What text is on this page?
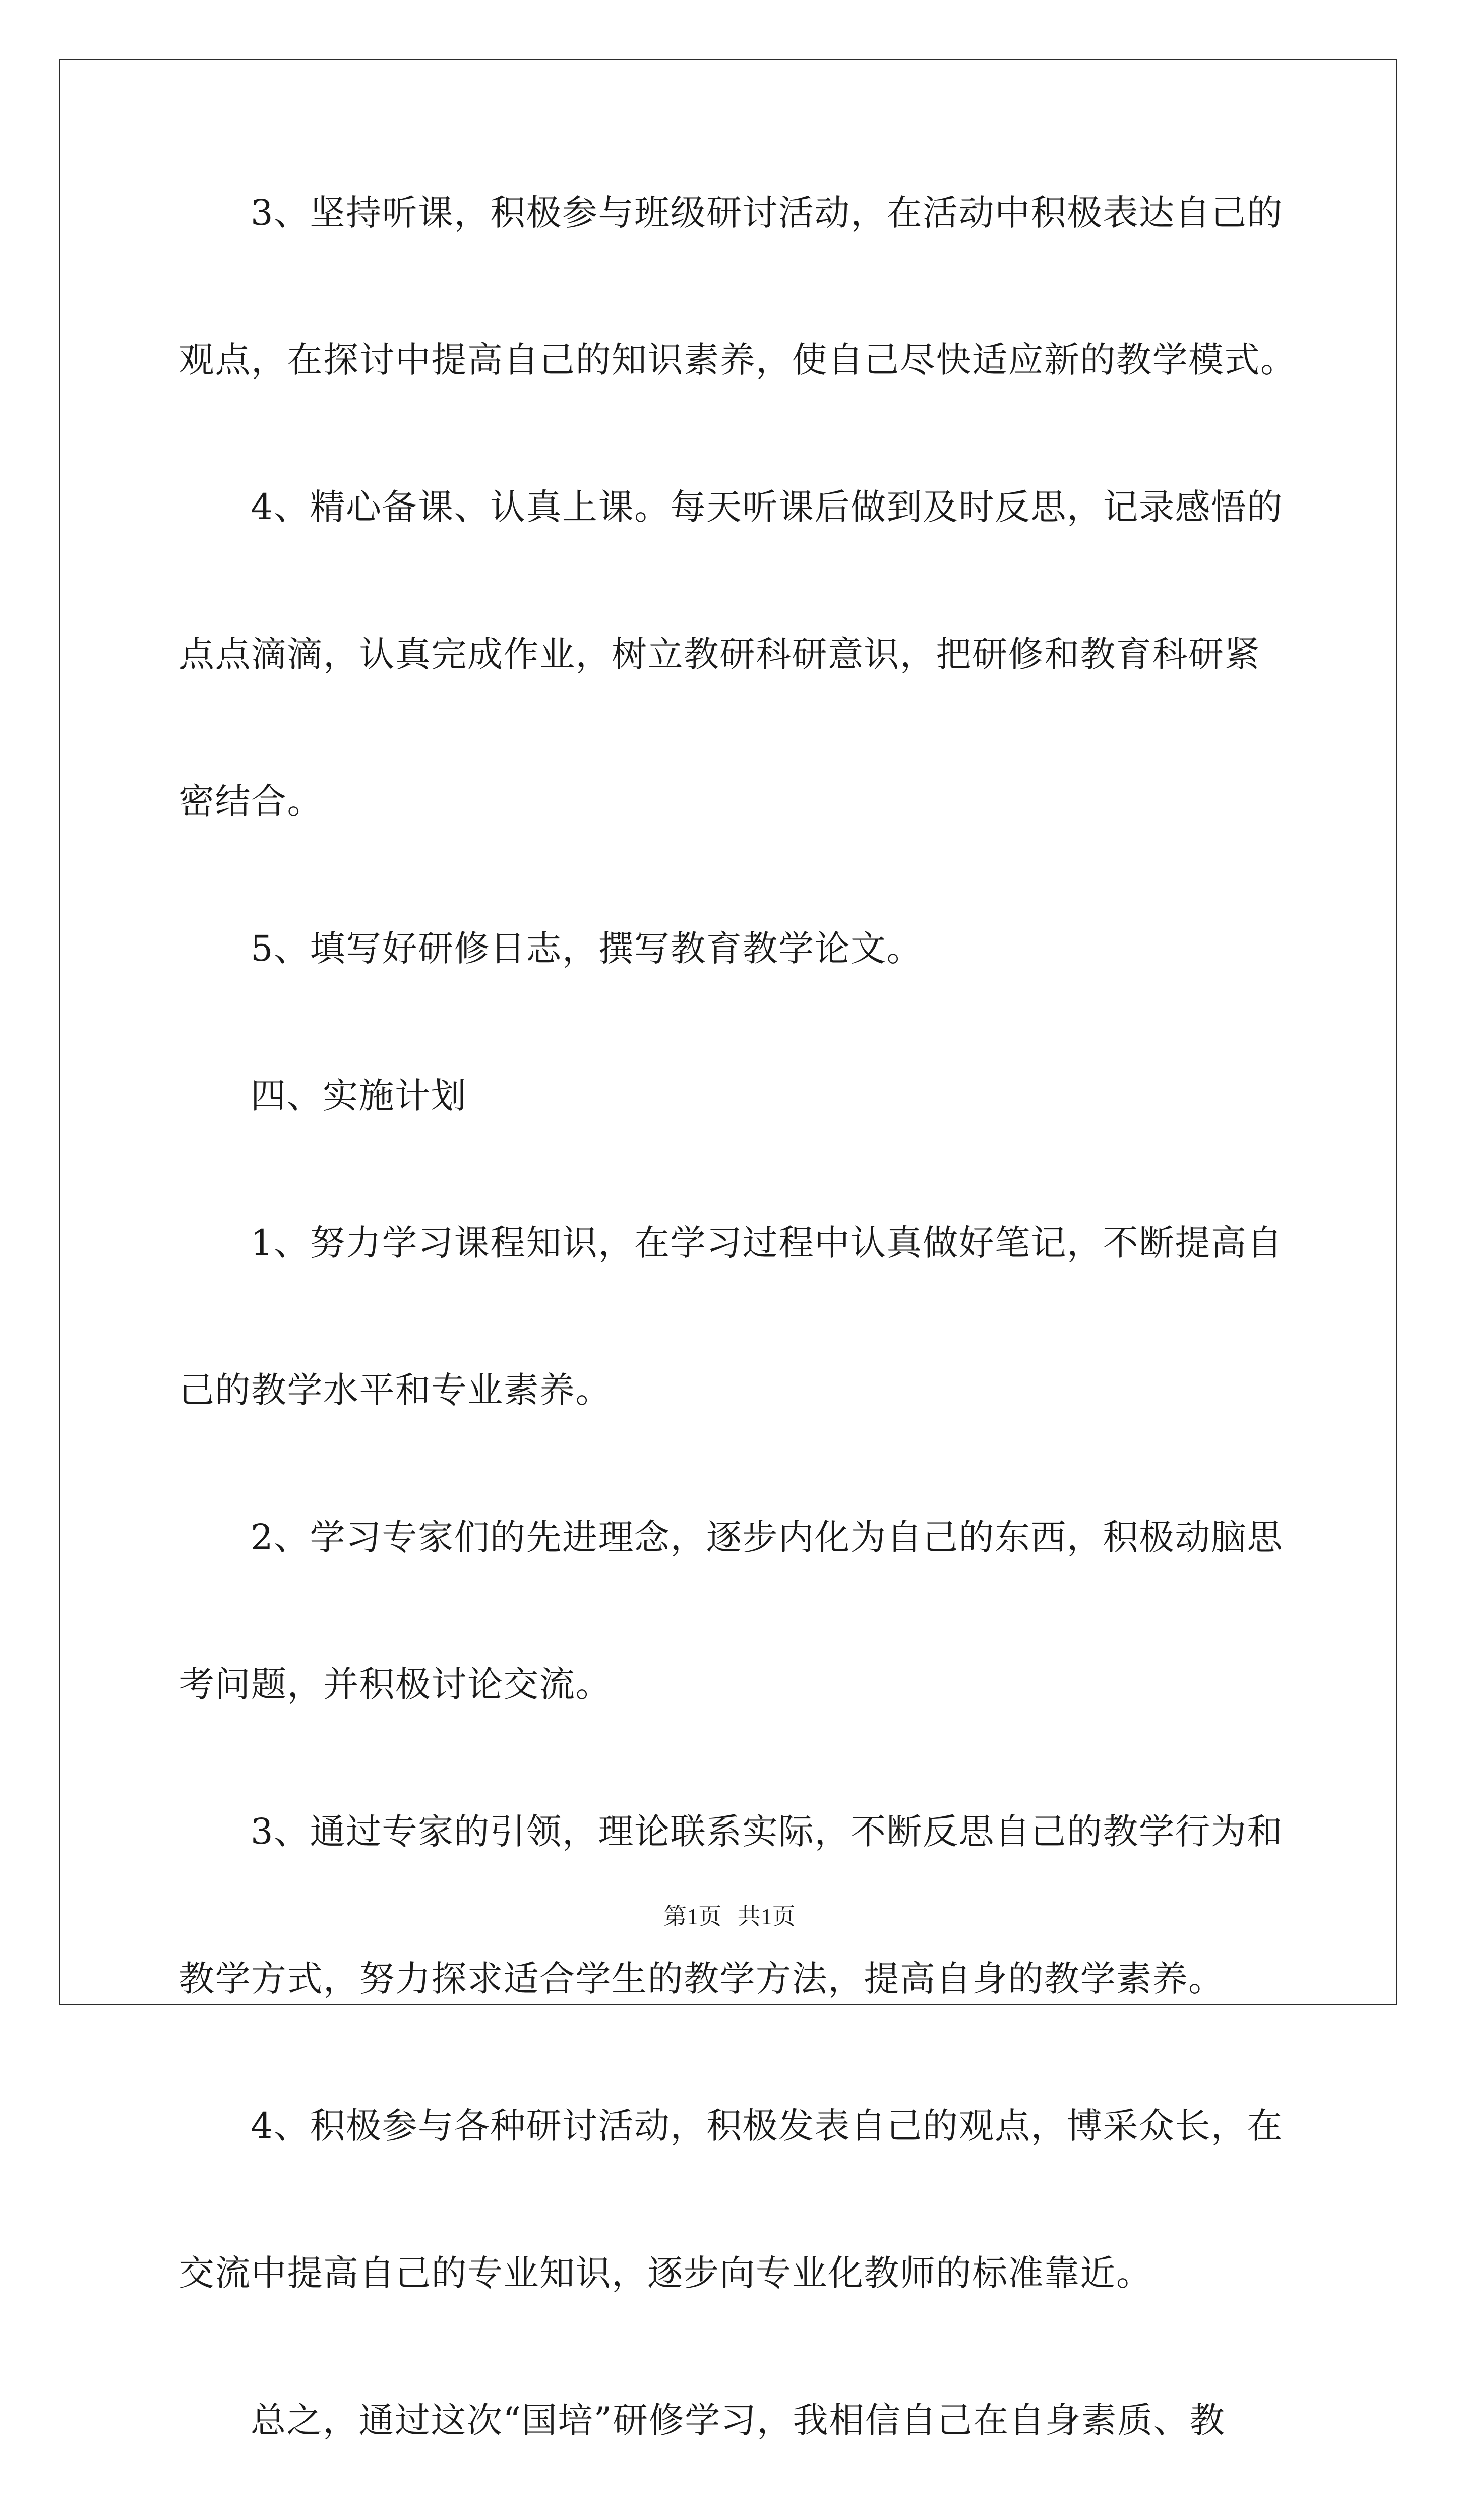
3、坚持听课，积极参与班级研讨活动，在活动中积极表达自己的
观点，在探讨中提高自己的知识素养，使自己尽快适应新的教学模式。
4、精心备课、认真上课。每天听课后做到及时反思，记录感悟的
点点滴滴，认真完成作业，树立教研科研意识，把研修和教育科研紧
密结合。
5、填写好研修日志，撰写教育教学论文。
四、实施计划
1、努力学习课程知识，在学习过程中认真做好笔记，不断提高自
己的教学水平和专业素养。
2、学习专家们的先进理念，逐步内化为自己的东西，积极动脑思
考问题，并积极讨论交流。
3、通过专家的引领，理论联系实际，不断反思自己的教学行为和
教学方式，努力探求适合学生的教学方法，提高自身的教学素养。
4、积极参与各种研讨活动，积极发表自己的观点，博采众长，在
交流中提高自己的专业知识，逐步向专业化教师的标准靠近。
总之，通过这次“国培”研修学习，我相信自己在自身素质、教
第1页 共1页
